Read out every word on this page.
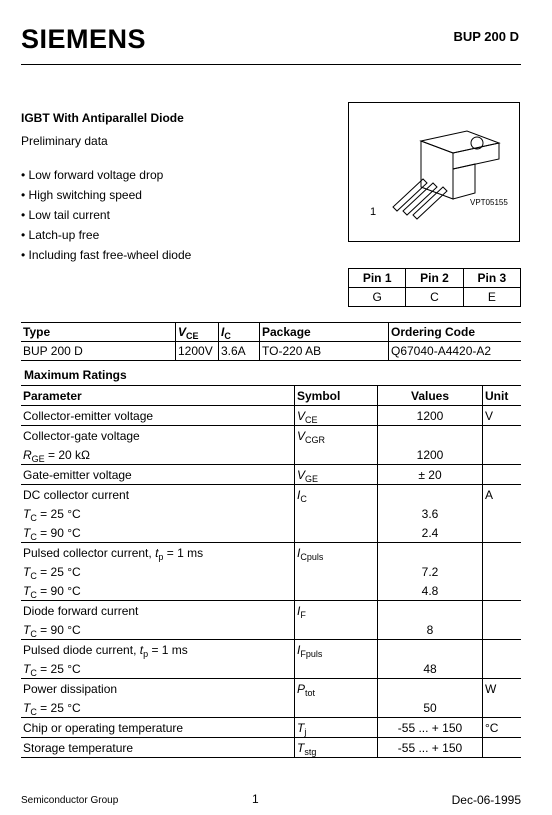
SIEMENS	BUP 200 D
IGBT With Antiparallel Diode
Preliminary data
• Low forward voltage drop
• High switching speed
• Low tail current
• Latch-up free
• Including fast free-wheel diode
VPT05155
1
Pin 1	Pin 2	Pin 3
G	C	E
Type	$V_{CE}$	$I_C$	Package	Ordering Code
BUP 200 D	1200V	3.6A	TO-220 AB	Q67040-A4420-A2
Maximum Ratings
Parameter	Symbol	Values	Unit
Collector-emitter voltage	$V_{CE}$	1200	V
Collector-gate voltage	$V_{CGR}$		
$R_{GE} = 20$ kΩ		1200	
Gate-emitter voltage	$V_{GE}$	± 20	
DC collector current	$I_C$		A
$T_C = 25$ °C		3.6	
$T_C = 90$ °C		2.4	
Pulsed collector current, $t_p = 1$ ms	$I_{Cpuls}$		
$T_C = 25$ °C		7.2	
$T_C = 90$ °C		4.8	
Diode forward current	$I_F$		
$T_C = 90$ °C		8	
Pulsed diode current, $t_p = 1$ ms	$I_{Fpuls}$		
$T_C = 25$ °C		48	
Power dissipation	$P_{tot}$		W
$T_C = 25$ °C		50	
Chip or operating temperature	$T_j$	-55 ... + 150	°C
Storage temperature	$T_{stg}$	-55 ... + 150	
Semiconductor Group	1	Dec-06-1995
